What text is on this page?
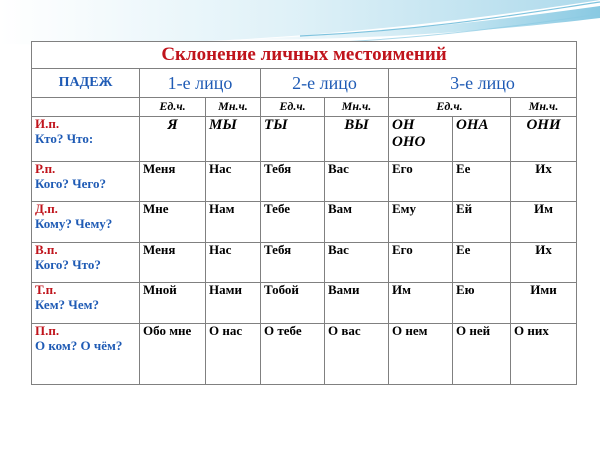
Склонение личных местоимений							
ПАДЕЖ	1-е лицо		2-е лицо		3-е лицо		
	Ед.ч.	Мн.ч.	Ед.ч.	Мн.ч.	Ед.ч.		Мн.ч.

И.п.
Кто? Что:	Я	МЫ	ТЫ	ВЫ	ОН ОНО	ОНА	ОНИ

Р.п.
Кого? Чего?	Меня	Нас	Тебя	Вас	Его	Ее	Их

Д.п.
Кому? Чему?	Мне	Нам	Тебе	Вам	Ему	Ей	Им

В.п.
Кого? Что?	Меня	Нас	Тебя	Вас	Его	Ее	Их

Т.п.
Кем? Чем?	Мной	Нами	Тобой	Вами	Им	Ею	Ими

П.п.
О ком? О чём?	Обо мне	О нас	О тебе	О вас	О нем	О ней	О них
